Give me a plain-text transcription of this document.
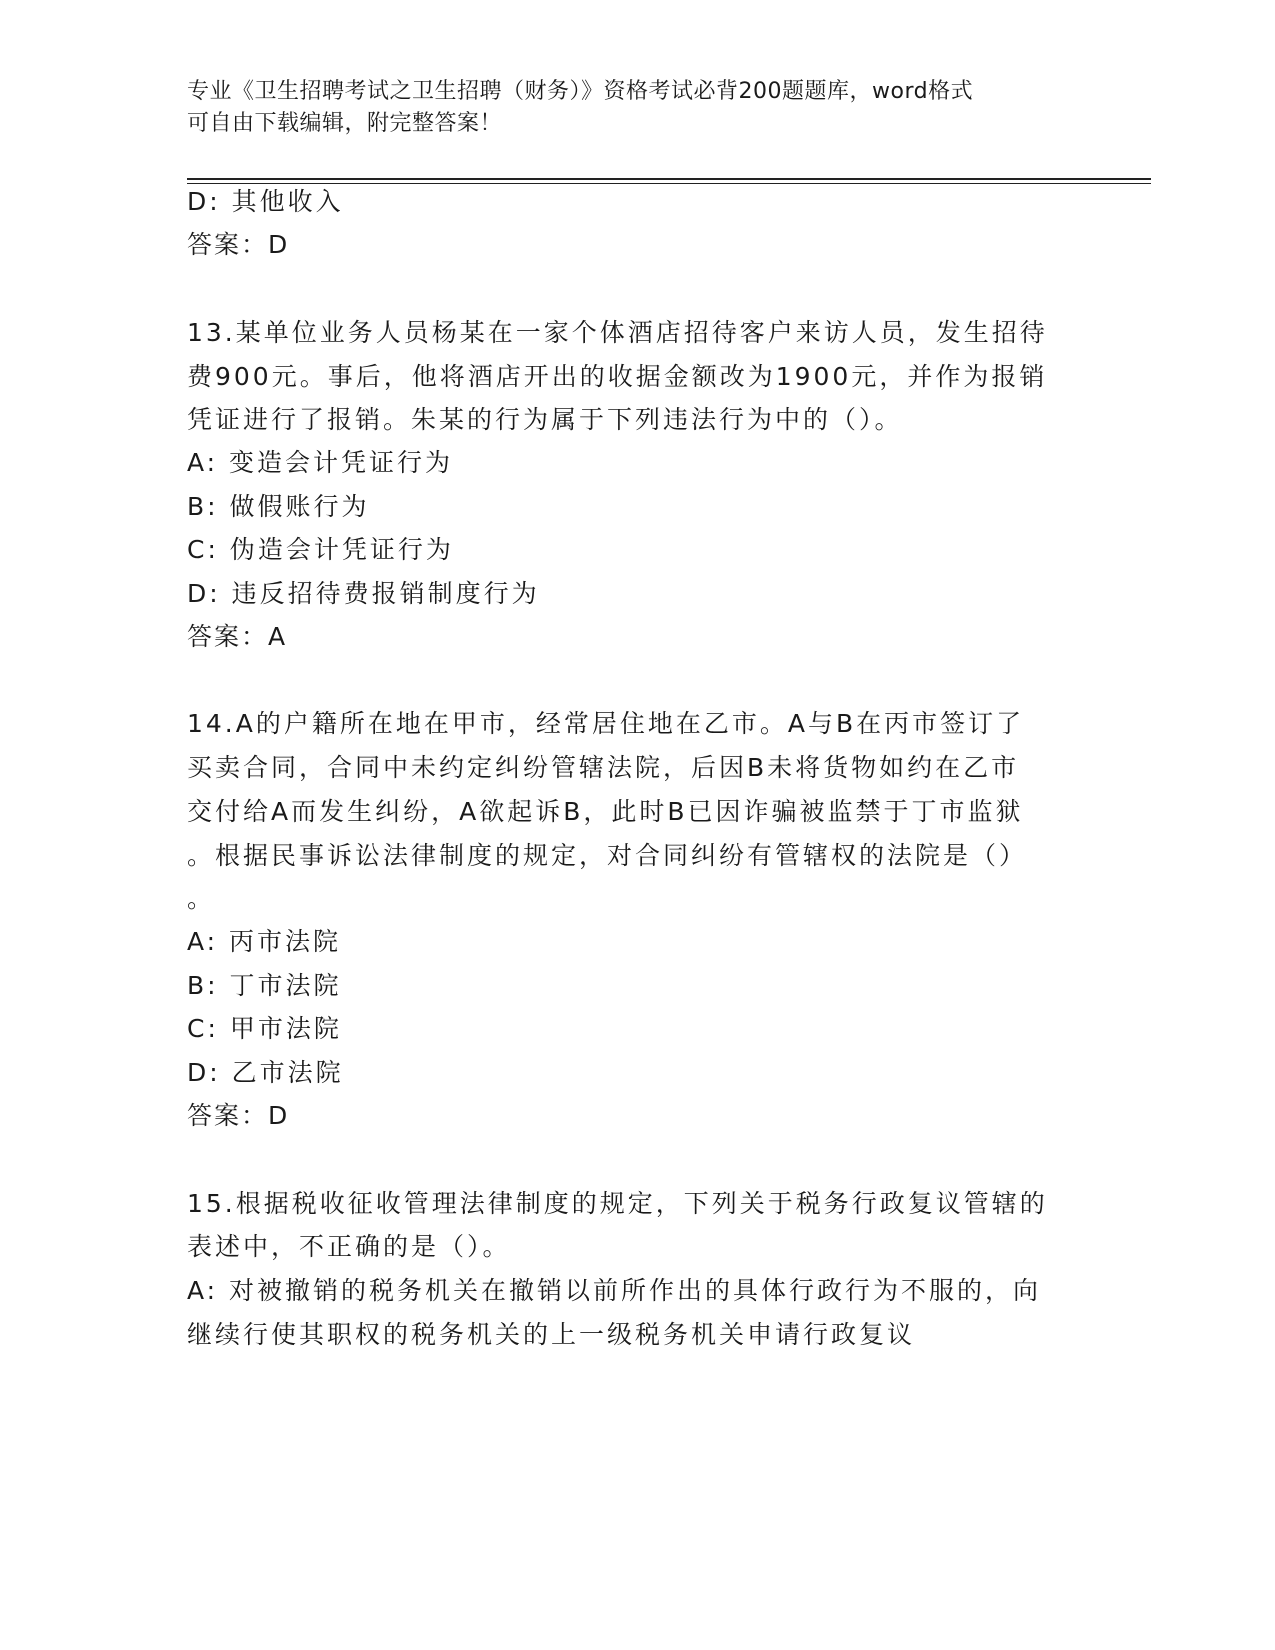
专业《卫生招聘考试之卫生招聘（财务）》资格考试必背200题题库，word格式
可自由下载编辑，附完整答案！
D: 其他收入
答案：D
13.某单位业务人员杨某在一家个体酒店招待客户来访人员，发生招待
费900元。事后，他将酒店开出的收据金额改为1900元，并作为报销
凭证进行了报销。朱某的行为属于下列违法行为中的（）。
A: 变造会计凭证行为
B: 做假账行为
C: 伪造会计凭证行为
D: 违反招待费报销制度行为
答案：A
14.A的户籍所在地在甲市，经常居住地在乙市。A与B在丙市签订了
买卖合同，合同中未约定纠纷管辖法院，后因B未将货物如约在乙市
交付给A而发生纠纷，A欲起诉B，此时B已因诈骗被监禁于丁市监狱
。根据民事诉讼法律制度的规定，对合同纠纷有管辖权的法院是（）
。
A: 丙市法院
B: 丁市法院
C: 甲市法院
D: 乙市法院
答案：D
15.根据税收征收管理法律制度的规定，下列关于税务行政复议管辖的
表述中，不正确的是（）。
A: 对被撤销的税务机关在撤销以前所作出的具体行政行为不服的，向
继续行使其职权的税务机关的上一级税务机关申请行政复议
